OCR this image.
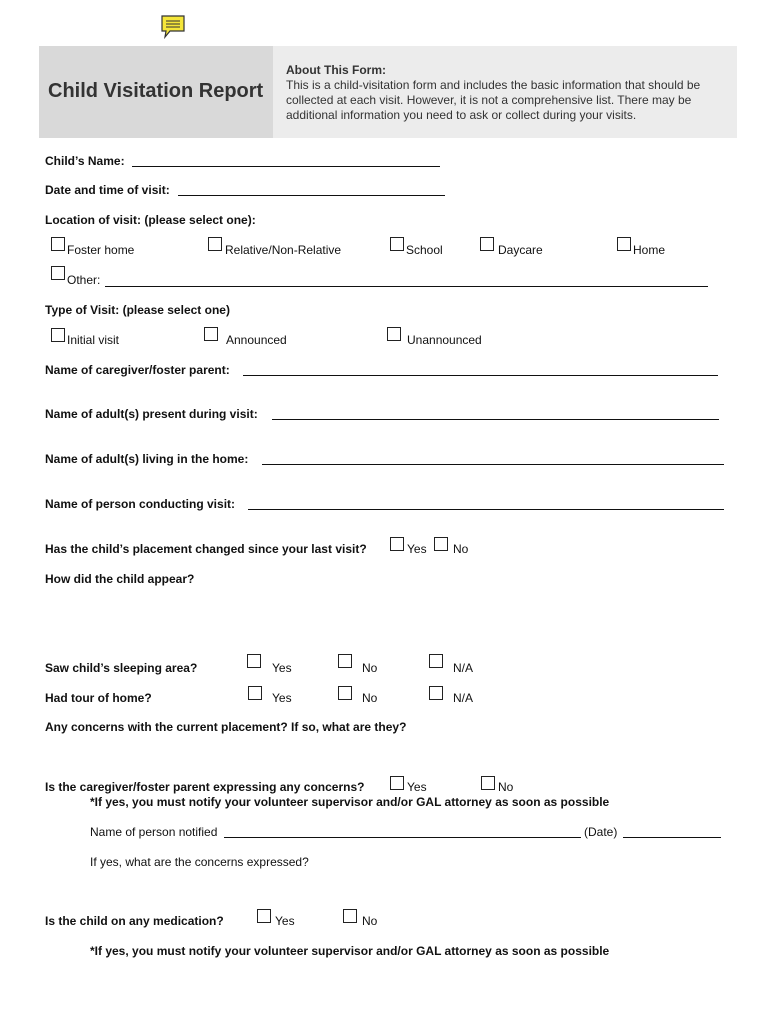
Child Visitation Report
About This Form:
This is a child-visitation form and includes the basic information that should be collected at each visit. However, it is not a comprehensive list. There may be additional information you need to ask or collect during your visits.
Child’s Name:
Date and time of visit:
Location of visit: (please select one):
Foster home	Relative/Non-Relative	School	Daycare	Home
Other:
Type of Visit: (please select one)
Initial visit	Announced	Unannounced
Name of caregiver/foster parent:
Name of adult(s) present during visit:
Name of adult(s) living in the home:
Name of person conducting visit:
Has the child’s placement changed since your last visit?	Yes No
How did the child appear?
Saw child’s sleeping area?	Yes	No	N/A
Had tour of home?	Yes	No	N/A
Any concerns with the current placement? If so, what are they?
Is the caregiver/foster parent expressing any concerns?	Yes	No
*If yes, you must notify your volunteer supervisor and/or GAL attorney as soon as possible
Name of person notified	(Date)
If yes, what are the concerns expressed?
Is the child on any medication?	Yes	No
*If yes, you must notify your volunteer supervisor and/or GAL attorney as soon as possible
